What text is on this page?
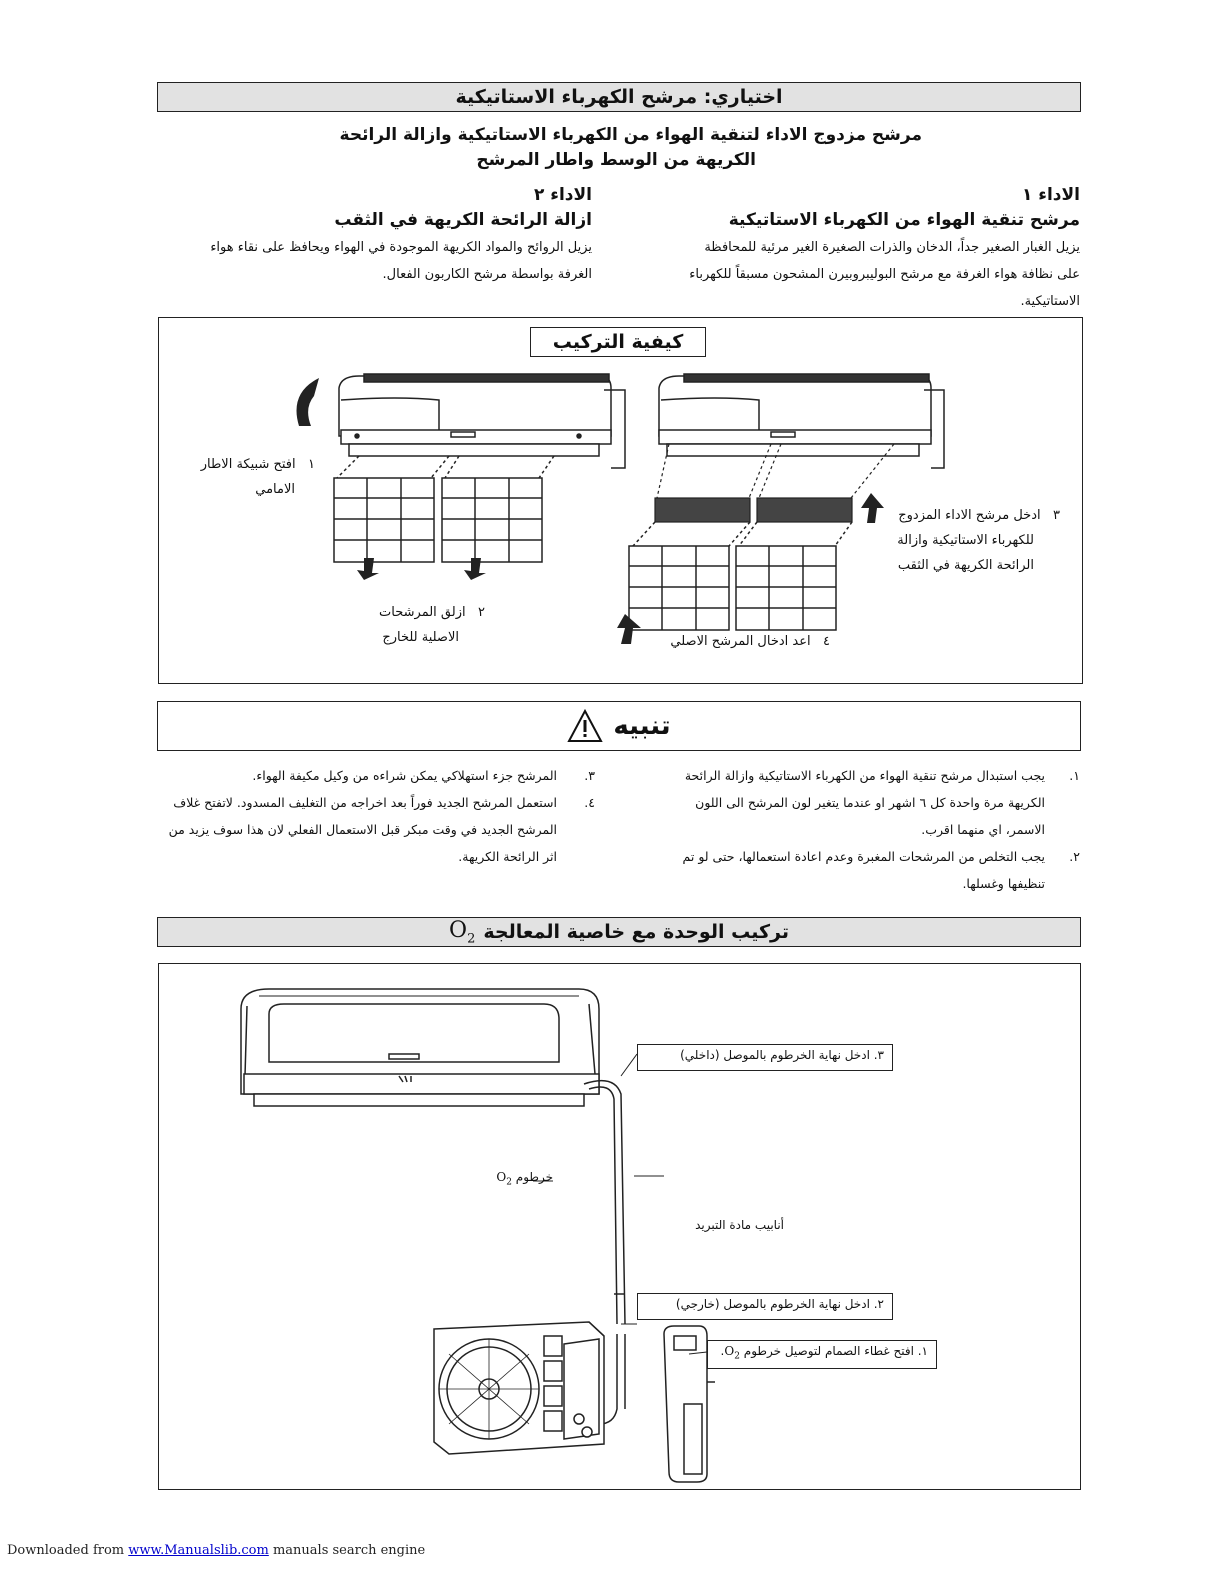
اختياري: مرشح الكهرباء الاستاتيكية
مرشح مزدوج الاداء لتنقية الهواء من الكهرباء الاستاتيكية وازالة الرائحة
الكريهة من الوسط واطار المرشح
الاداء ١
مرشح تنقية الهواء من الكهرباء الاستاتيكية
يزيل الغبار الصغير جداً، الدخان والذرات الصغيرة الغير مرئية للمحافظة
على نظافة هواء الغرفة مع مرشح البوليبروبيرن المشحون مسبقاً للكهرباء
الاستاتيكية.
الاداء ٢
ازالة الرائحة الكريهة في الثقب
يزيل الروائح والمواد الكريهة الموجودة في الهواء ويحافظ على نقاء هواء
الغرفة بواسطة مرشح الكاربون الفعال.
كيفية التركيب
١   افتح شبيكة الاطار
الامامي
٢   ازلق المرشحات
الاصلية للخارج
٣   ادخل مرشح الاداء المزدوج
للكهرباء الاستاتيكية وازالة
الرائحة الكريهة في الثقب
٤   اعد ادخال المرشح الاصلي
تنبيه
١.
يجب استبدال مرشح تنقية الهواء من الكهرباء الاستاتيكية وازالة الرائحة
الكريهة مرة واحدة كل ٦ اشهر او عندما يتغير لون المرشح الى اللون
الاسمر، اي منهما اقرب.
٢.
يجب التخلص من المرشحات المغبرة وعدم اعادة استعمالها، حتى لو تم
تنظيفها وغسلها.
٣.
المرشح جزء استهلاكي يمكن شراءه من وكيل مكيفة الهواء.
٤.
استعمل المرشح الجديد فوراً بعد اخراجه من التغليف المسدود. لاتفتح غلاف
المرشح الجديد في وقت مبكر قبل الاستعمال الفعلي لان هذا سوف يزيد من
اثر الرائحة الكريهة.
تركيب الوحدة مع خاصية المعالجة
$O_2$
٣. ادخل نهاية الخرطوم بالموصل (داخلي)
خرطوم $O_2$
أنابيب مادة التبريد
٢. ادخل نهاية الخرطوم بالموصل (خارجي)
١. افتح غطاء الصمام لتوصيل خرطوم $O_2$.
Downloaded from www.Manualslib.com manuals search engine
